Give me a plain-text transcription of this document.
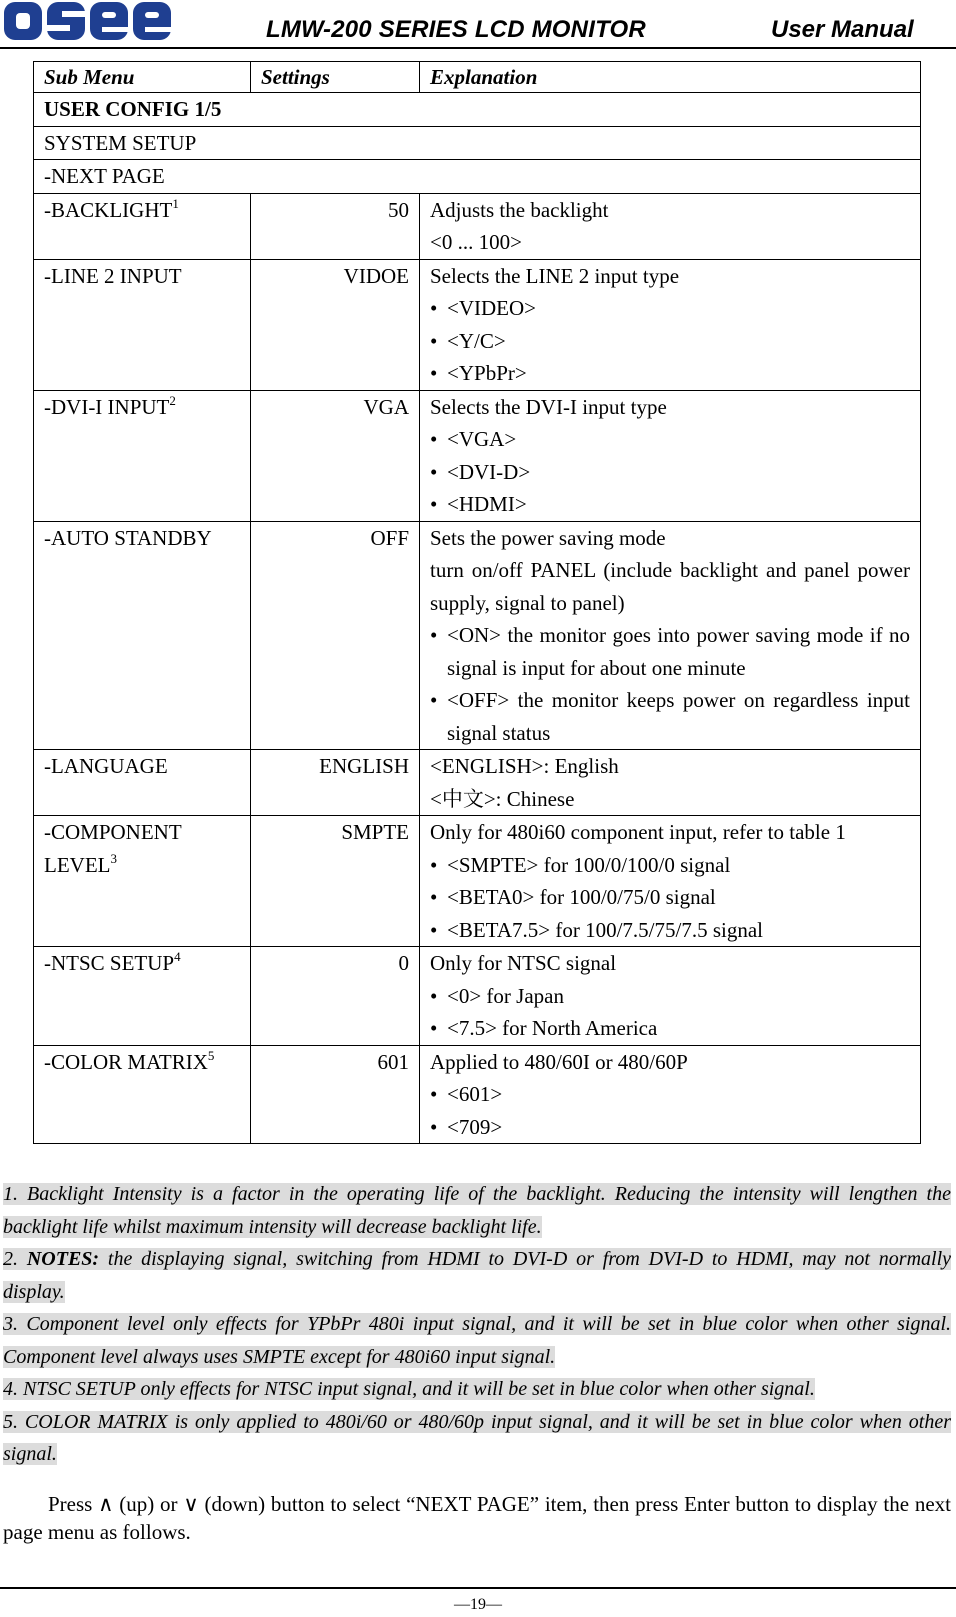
LMW-200 SERIES LCD MONITOR	User Manual
Sub Menu	Settings	Explanation
USER CONFIG 1/5		
SYSTEM SETUP		
-NEXT PAGE		
-BACKLIGHT$^1$	50	Adjusts the backlight
<0 ... 100>

-LINE 2 INPUT	VIDOE	Selects the LINE 2 input type
• <VIDEO>
• <Y/C>
• <YPbPr>

-DVI-I INPUT$^2$	VGA	Selects the DVI-I input type
• <VGA>
• <DVI-D>
• <HDMI>

-AUTO STANDBY	OFF	Sets the power saving mode
turn on/off PANEL (include backlight and panel power supply, signal to panel)
• <ON> the monitor goes into power saving mode if no signal is input for about one minute
• <OFF> the monitor keeps power on regardless input signal status

-LANGUAGE	ENGLISH	<ENGLISH>: English
<中文>: Chinese

-COMPONENT LEVEL$^3$	SMPTE	Only for 480i60 component input, refer to table 1
• <SMPTE> for 100/0/100/0 signal
• <BETA0> for 100/0/75/0 signal
• <BETA7.5> for 100/7.5/75/7.5 signal

-NTSC SETUP$^4$	0	Only for NTSC signal
• <0> for Japan
• <7.5> for North America

-COLOR MATRIX$^5$	601	Applied to 480/60I or 480/60P
• <601>
• <709>

1. Backlight Intensity is a factor in the operating life of the backlight. Reducing the intensity will lengthen the backlight life whilst maximum intensity will decrease backlight life.

2. NOTES: the displaying signal, switching from HDMI to DVI-D or from DVI-D to HDMI, may not normally display.

3. Component level only effects for YPbPr 480i input signal, and it will be set in blue color when other signal. Component level always uses SMPTE except for 480i60 input signal.

4. NTSC SETUP only effects for NTSC input signal, and it will be set in blue color when other signal.

5. COLOR MATRIX is only applied to 480i/60 or 480/60p input signal, and it will be set in blue color when other signal.

Press ∧ (up) or ∨ (down) button to select “NEXT PAGE” item, then press Enter button to display the next page menu as follows.
—19—
